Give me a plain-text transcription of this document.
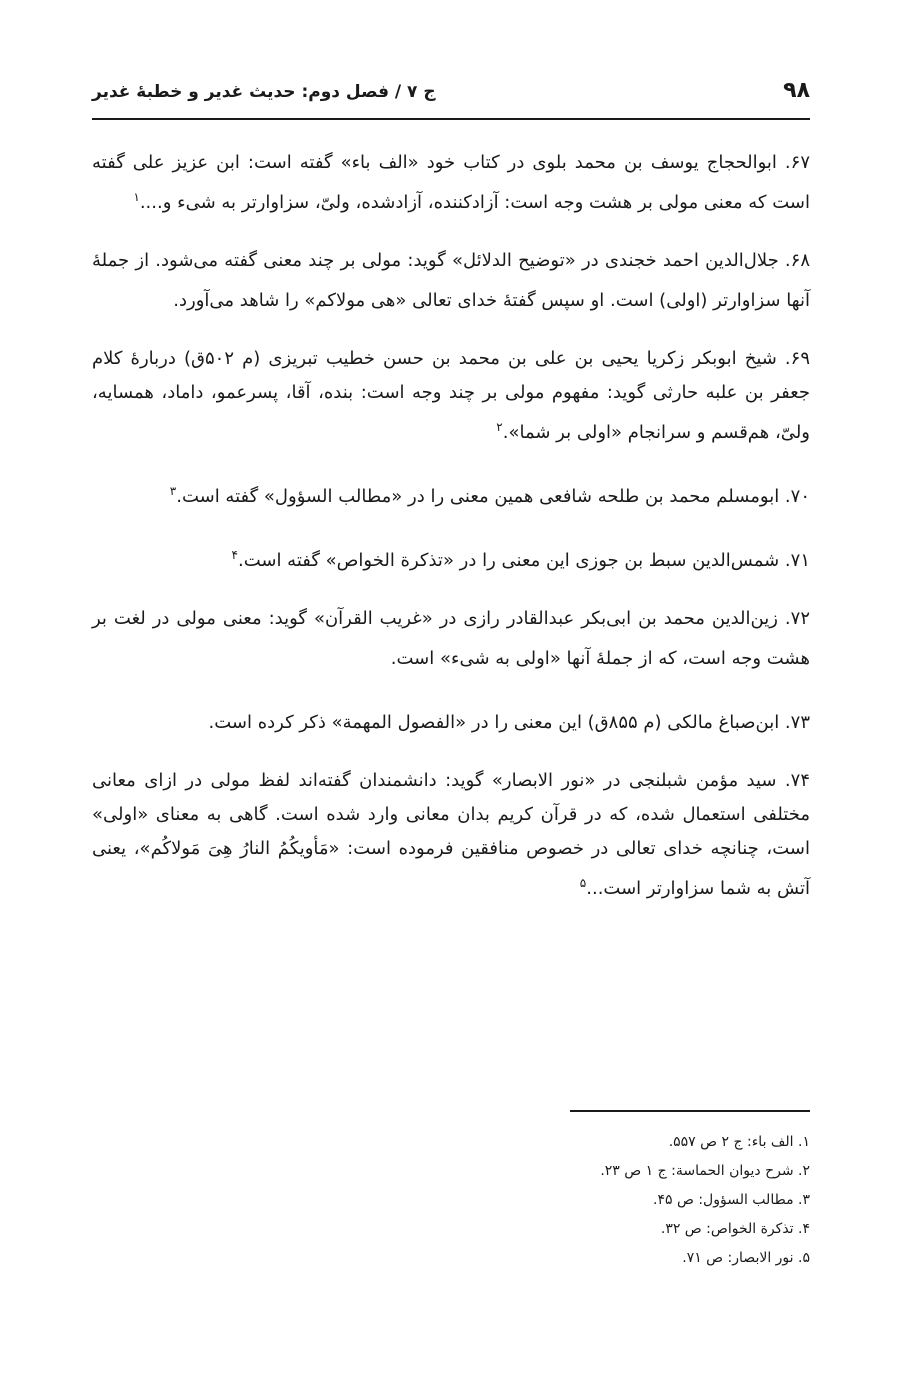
۹۸
ج ۷ / فصل دوم: حدیث غدیر و خطبهٔ غدیر

۶۷. ابوالحجاج یوسف بن محمد بلوی در کتاب خود «الف باء» گفته است: ابن عزیز علی گفته است که معنی مولی بر هشت وجه است: آزادکننده، آزادشده، ولیّ، سزاوارتر به شیء و....$^۱$

۶۸. جلال‌الدین احمد خجندی در «توضیح الدلائل» گوید: مولی بر چند معنی گفته می‌شود. از جملهٔ آنها سزاوارتر (اولی) است. او سپس گفتهٔ خدای تعالی «هی مولاکم» را شاهد می‌آورد.

۶۹. شیخ ابوبکر زکریا یحیی بن علی بن محمد بن حسن خطیب تبریزی (م ۵۰۲ق) دربارهٔ کلام جعفر بن علبه حارثی گوید: مفهوم مولی بر چند وجه است: بنده، آقا، پسرعمو، داماد، همسایه، ولیّ، هم‌قسم و سرانجام «اولی بر شما».$^۲$

۷۰. ابومسلم محمد بن طلحه شافعی همین معنی را در «مطالب السؤول» گفته است.$^۳$

۷۱. شمس‌الدین سبط بن جوزی این معنی را در «تذکرة الخواص» گفته است.$^۴$

۷۲. زین‌الدین محمد بن ابی‌بکر عبدالقادر رازی در «غریب القرآن» گوید: معنی مولی در لغت بر هشت وجه است، که از جملهٔ آنها «اولی به شیء» است.

۷۳. ابن‌صباغ مالکی (م ۸۵۵ق) این معنی را در «الفصول المهمة» ذکر کرده است.

۷۴. سید مؤمن شبلنجی در «نور الابصار» گوید: دانشمندان گفته‌اند لفظ مولی در ازای معانی مختلفی استعمال شده، که در قرآن کریم بدان معانی وارد شده است. گاهی به معنای «اولی» است، چنانچه خدای تعالی در خصوص منافقین فرموده است: «مَأویکُمُ النارُ هِیَ مَولاکُم»، یعنی آتش به شما سزاوارتر است...$^۵$

۱. الف باء: ج ۲ ص ۵۵۷.
۲. شرح دیوان الحماسة: ج ۱ ص ۲۳.
۳. مطالب السؤول: ص ۴۵.
۴. تذکرة الخواص: ص ۳۲.
۵. نور الابصار: ص ۷۱.
